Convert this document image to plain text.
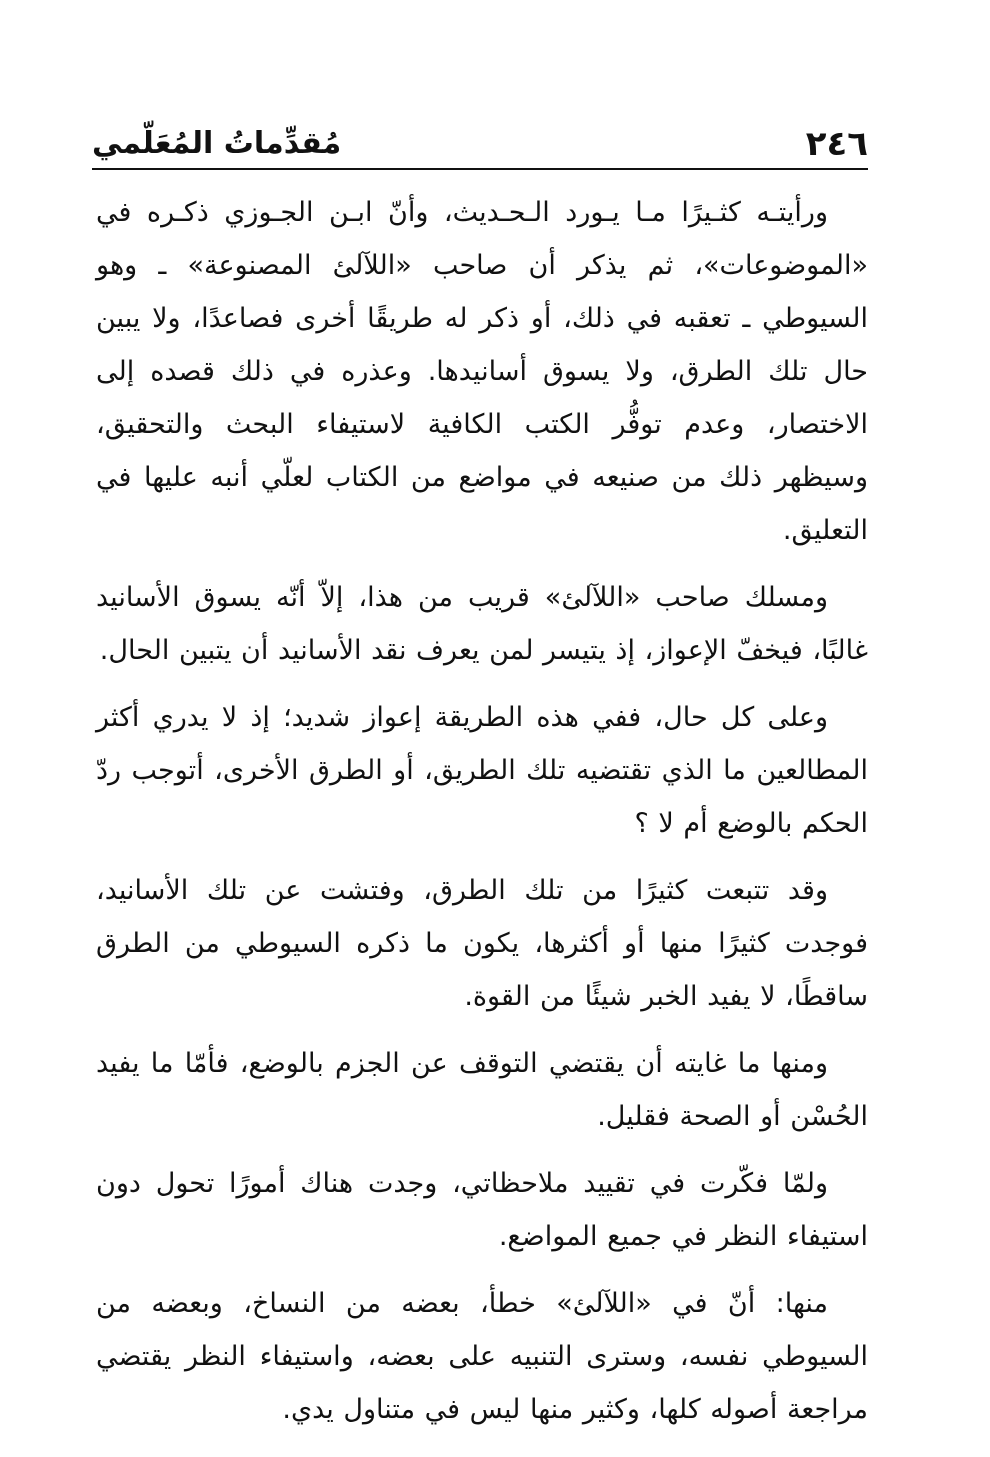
٢٤٦
مُقدِّماتُ المُعَلّمي

ورأيتـه كثـيرًا مـا يـورد الـحـديث، وأنّ ابـن الجـوزي ذكـره في «الموضوعات»، ثم يذكر أن صاحب «اللآلئ المصنوعة» ـ وهو السيوطي ـ تعقبه في ذلك، أو ذكر له طريقًا أخرى فصاعدًا، ولا يبين حال تلك الطرق، ولا يسوق أسانيدها. وعذره في ذلك قصده إلى الاختصار، وعدم توفُّر الكتب الكافية لاستيفاء البحث والتحقيق، وسيظهر ذلك من صنيعه في مواضع من الكتاب لعلّي أنبه عليها في التعليق.

ومسلك صاحب «اللآلئ» قريب من هذا، إلاّ أنّه يسوق الأسانيد غالبًا، فيخفّ الإعواز، إذ يتيسر لمن يعرف نقد الأسانيد أن يتبين الحال.

وعلى كل حال، ففي هذه الطريقة إعواز شديد؛ إذ لا يدري أكثر المطالعين ما الذي تقتضيه تلك الطريق، أو الطرق الأخرى، أتوجب ردّ الحكم بالوضع أم لا ؟

وقد تتبعت كثيرًا من تلك الطرق، وفتشت عن تلك الأسانيد، فوجدت كثيرًا منها أو أكثرها، يكون ما ذكره السيوطي من الطرق ساقطًا، لا يفيد الخبر شيئًا من القوة.

ومنها ما غايته أن يقتضي التوقف عن الجزم بالوضع، فأمّا ما يفيد الحُسْن أو الصحة فقليل.

ولمّا فكّرت في تقييد ملاحظاتي، وجدت هناك أمورًا تحول دون استيفاء النظر في جميع المواضع.

منها: أنّ في «اللآلئ» خطأ، بعضه من النساخ، وبعضه من السيوطي نفسه، وسترى التنبيه على بعضه، واستيفاء النظر يقتضي مراجعة أصوله كلها، وكثير منها ليس في متناول يدي.
